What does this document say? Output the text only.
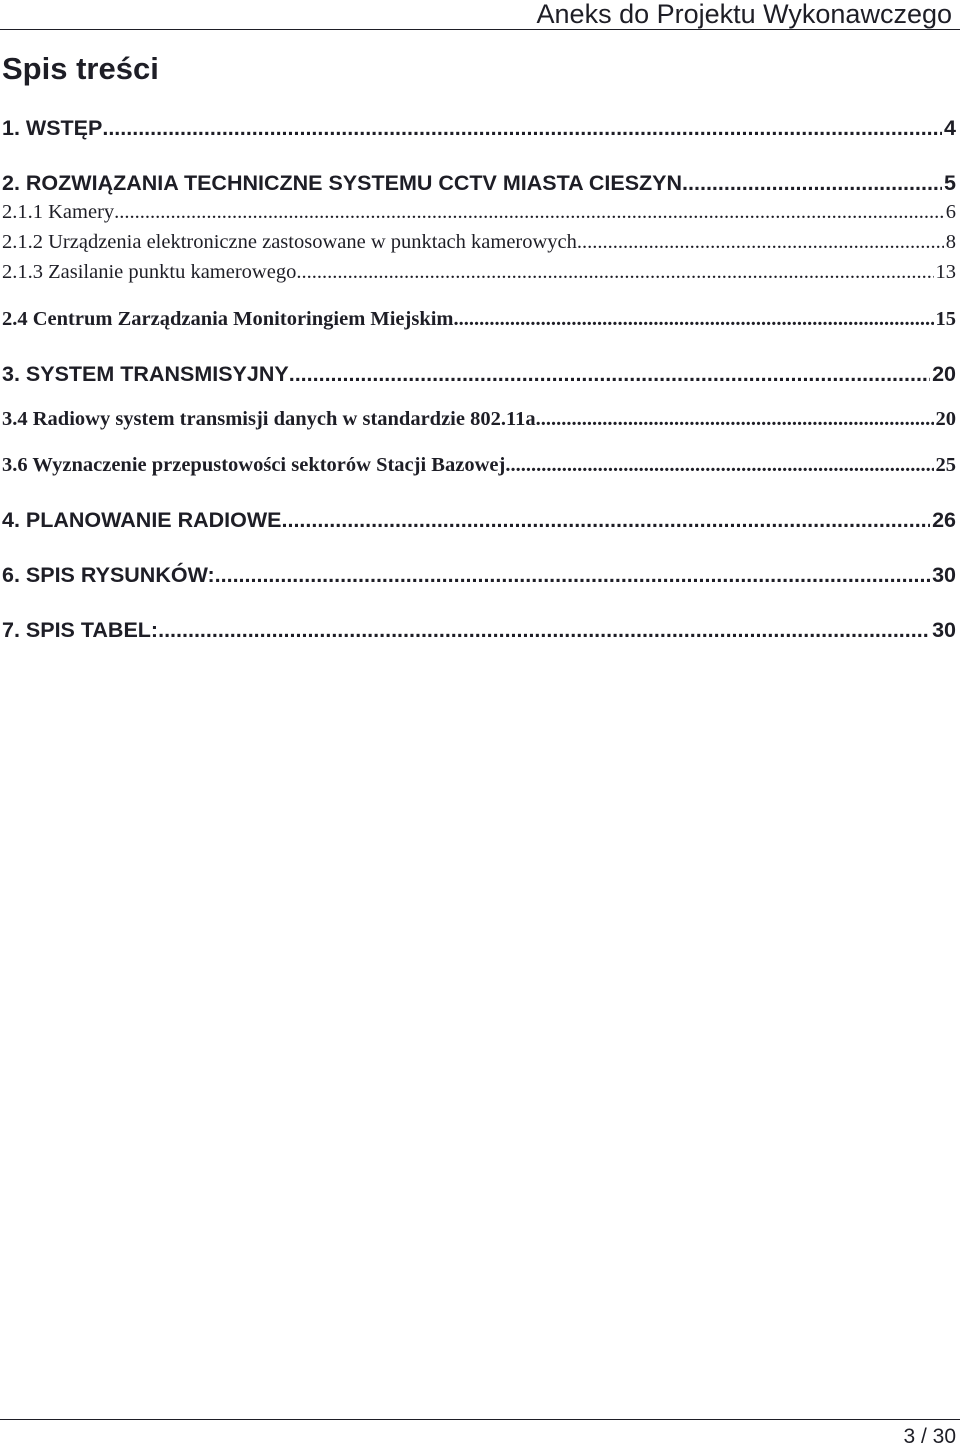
Aneks do Projektu Wykonawczego
Spis treści
1. WSTĘP .....	4
2. ROZWIĄZANIA TECHNICZNE SYSTEMU CCTV MIASTA CIESZYN .....	5
2.1.1 Kamery .....	6
2.1.2 Urządzenia elektroniczne zastosowane w punktach kamerowych .....	8
2.1.3 Zasilanie punktu kamerowego .....	13
2.4 Centrum Zarządzania Monitoringiem Miejskim .....	15
3. SYSTEM TRANSMISYJNY .....	20
3.4 Radiowy system transmisji danych w standardzie 802.11a .....	20
3.6 Wyznaczenie przepustowości sektorów Stacji Bazowej .....	25
4. PLANOWANIE RADIOWE .....	26
6. SPIS RYSUNKÓW: .....	30
7. SPIS TABEL: .....	30
3 / 30
